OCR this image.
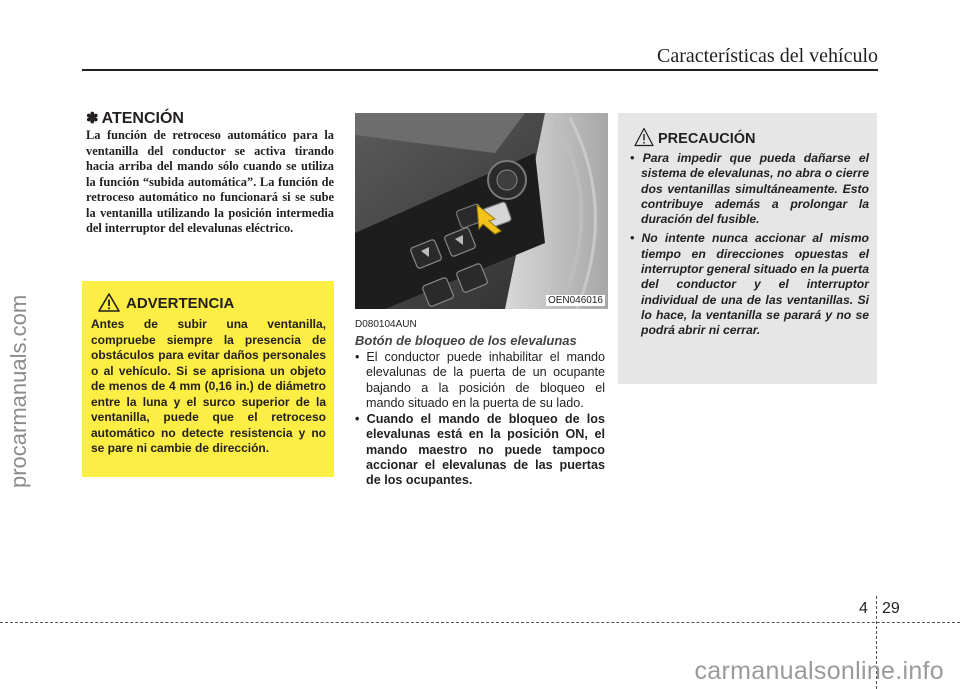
Características del vehículo
procarmanuals.com
✽ ATENCIÓN
La función de retroceso automático para la ventanilla del conductor se activa tirando hacia arriba del mando sólo cuando se utiliza la función “subida automática”. La función de retroceso automático no funcionará si se sube la ventanilla utilizando la posición intermedia del interruptor del elevalunas eléctrico.
ADVERTENCIA
Antes de subir una ventanilla, compruebe siempre la presencia de obstáculos para evitar daños personales o al vehículo. Si se aprisiona un objeto de menos de 4 mm (0,16 in.) de diámetro entre la luna y el surco superior de la ventanilla, puede que el retroceso automático no detecte resistencia y no se pare ni cambie de dirección.
OEN046016
D080104AUN
Botón de bloqueo de los elevalunas
• El conductor puede inhabilitar el mando elevalunas de la puerta de un ocupante bajando a la posición de bloqueo el mando situado en la puerta de su lado.
• Cuando el mando de bloqueo de los elevalunas está en la posición ON, el mando maestro no puede tampoco accionar el elevalunas de las puertas de los ocupantes.
PRECAUCIÓN
• Para impedir que pueda dañarse el sistema de elevalunas, no abra o cierre dos ventanillas simultáneamente. Esto contribuye además a prolongar la duración del fusible.
• No intente nunca accionar al mismo tiempo en direcciones opuestas el interruptor general situado en la puerta del conductor y el interruptor individual de una de las ventanillas. Si lo hace, la ventanilla se parará y no se podrá abrir ni cerrar.
4 29
carmanualsonline.info
